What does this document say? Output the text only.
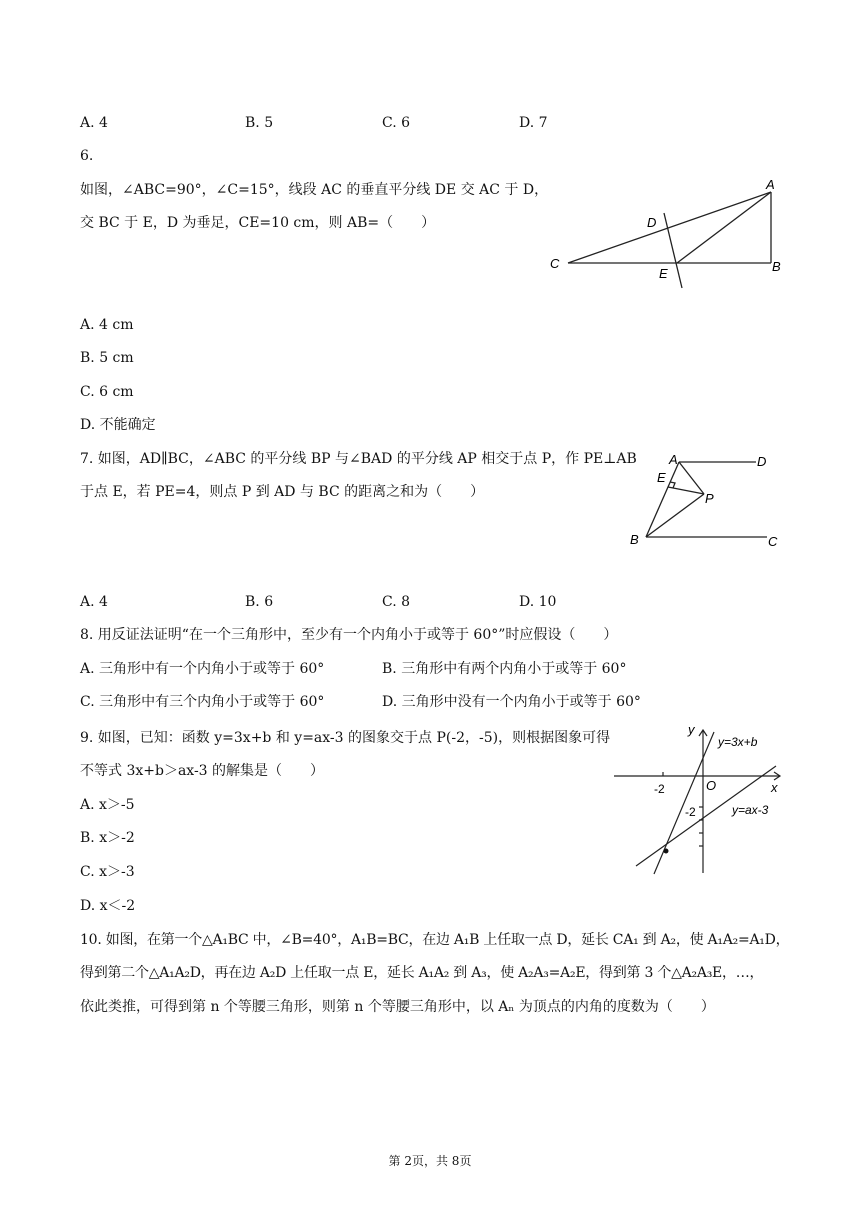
A. 4	B. 5	C. 6	D. 7
6.
如图，∠ABC=90°，∠C=15°，线段 AC 的垂直平分线 DE 交 AC 于 D，
交 BC 于 E，D 为垂足，CE=10 cm，则 AB=（　　）
C	B
A
D
E
A. 4 cm
B. 5 cm
C. 6 cm
D. 不能确定
7. 如图，AD∥BC，∠ABC 的平分线 BP 与∠BAD 的平分线 AP 相交于点 P，作 PE⊥AB
于点 E，若 PE=4，则点 P 到 AD 与 BC 的距离之和为（　　）
A	D
E
P
B	C
A. 4	B. 6	C. 8	D. 10
8. 用反证法证明“在一个三角形中，至少有一个内角小于或等于 60°”时应假设（　　）
A. 三角形中有一个内角小于或等于 60°	B. 三角形中有两个内角小于或等于 60°
C. 三角形中有三个内角小于或等于 60°	D. 三角形中没有一个内角小于或等于 60°
9. 如图，已知：函数 y=3x+b 和 y=ax-3 的图象交于点 P(-2，-5)，则根据图象可得
不等式 3x+b＞ax-3 的解集是（　　）
y
x
O
-2
-2
y=3x+b
y=ax-3
A. x＞-5
B. x＞-2
C. x＞-3
D. x＜-2
10. 如图，在第一个△A₁BC 中，∠B=40°，A₁B=BC，在边 A₁B 上任取一点 D，延长 CA₁ 到 A₂，使 A₁A₂=A₁D，
得到第二个△A₁A₂D，再在边 A₂D 上任取一点 E，延长 A₁A₂ 到 A₃，使 A₂A₃=A₂E，得到第 3 个△A₂A₃E，…，
依此类推，可得到第 n 个等腰三角形，则第 n 个等腰三角形中，以 Aₙ 为顶点的内角的度数为（　　）
第 2页，共 8页
